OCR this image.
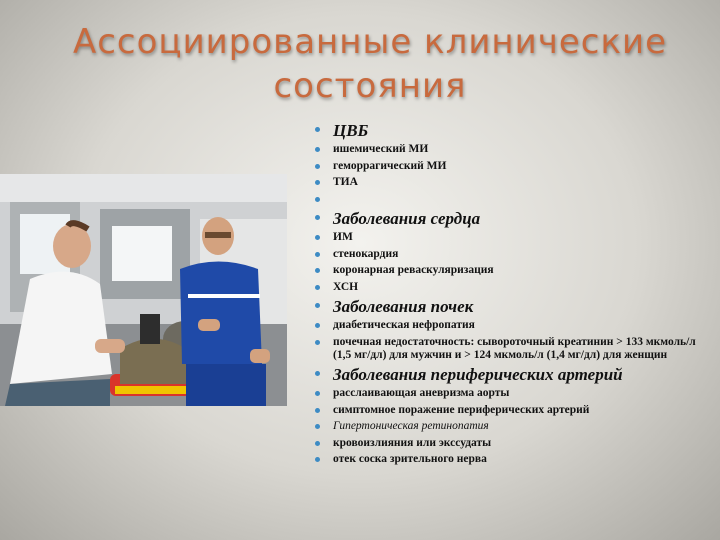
Ассоциированные клинические
состояния
ЦВБ
ишемический МИ
геморрагический МИ
ТИА
Заболевания сердца
ИМ
стенокардия
коронарная реваскуляризация
ХСН
Заболевания почек
диабетическая нефропатия
почечная недостаточность: сывороточный креатинин > 133 мкмоль/л (1,5 мг/дл) для мужчин и > 124 мкмоль/л (1,4 мг/дл) для женщин
Заболевания периферических артерий
расслаивающая аневризма аорты
симптомное поражение периферических артерий
Гипертоническая ретинопатия
кровоизлияния или экссудаты
отек соска зрительного нерва
